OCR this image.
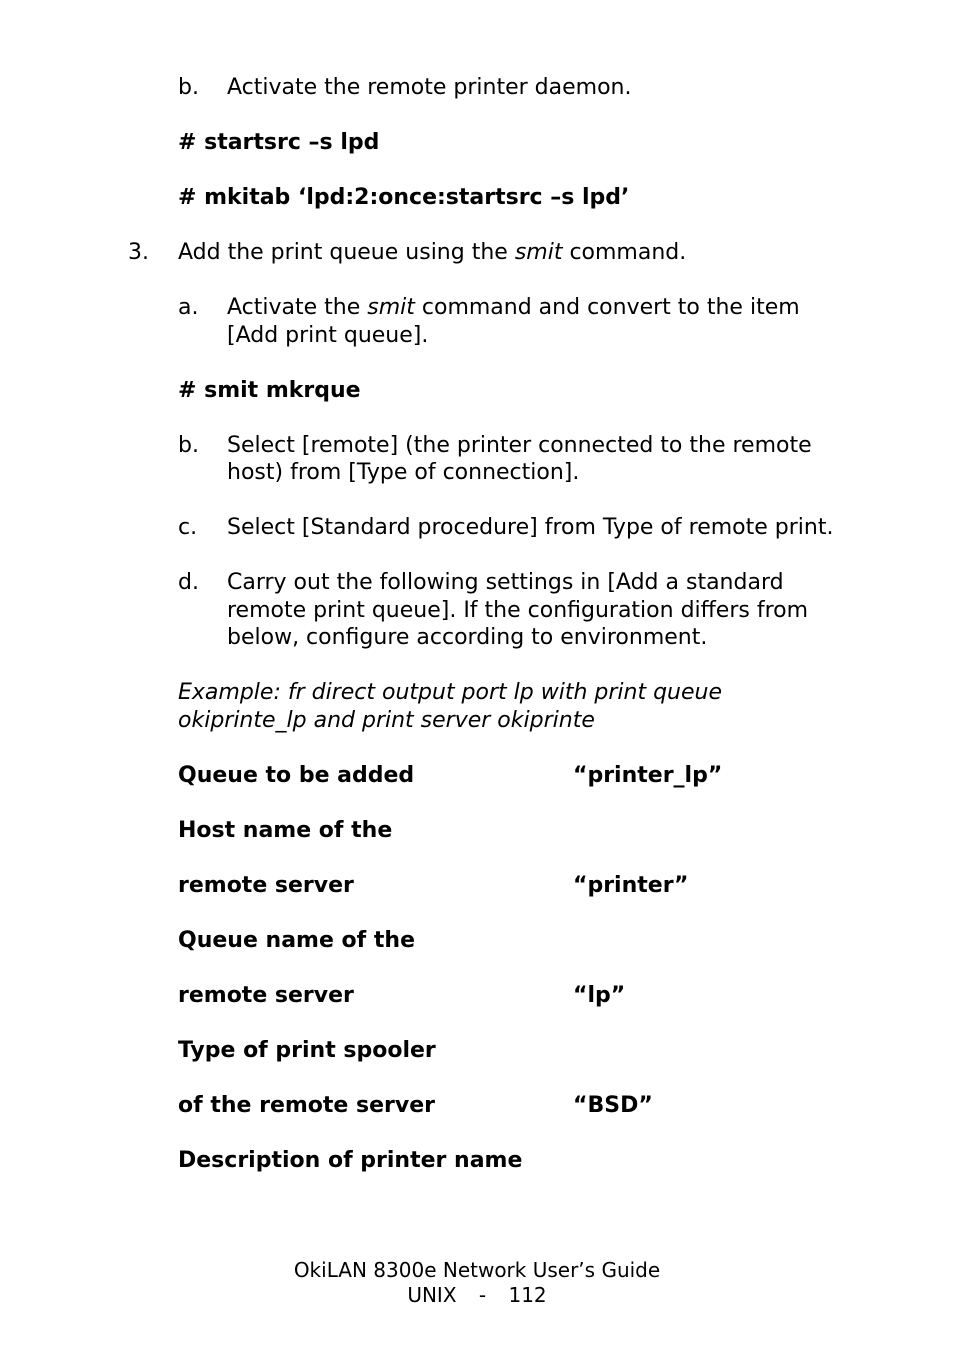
b. Activate the remote printer daemon.
# startsrc –s lpd
# mkitab ‘lpd:2:once:startsrc –s lpd’
3. Add the print queue using the smit command.
a. Activate the smit command and convert to the item
[Add print queue].
# smit mkrque
b. Select [remote] (the printer connected to the remote
host) from [Type of connection].
c. Select [Standard procedure] from Type of remote print.
d. Carry out the following settings in [Add a standard
remote print queue]. If the configuration differs from
below, configure according to environment.
Example: fr direct output port lp with print queue
okiprinte_lp and print server okiprinte
Queue to be added	“printer_lp”
Host name of the
remote server	“printer”
Queue name of the
remote server	“lp”
Type of print spooler
of the remote server	“BSD”
Description of printer name
OkiLAN 8300e Network User’s Guide
UNIX - 112
